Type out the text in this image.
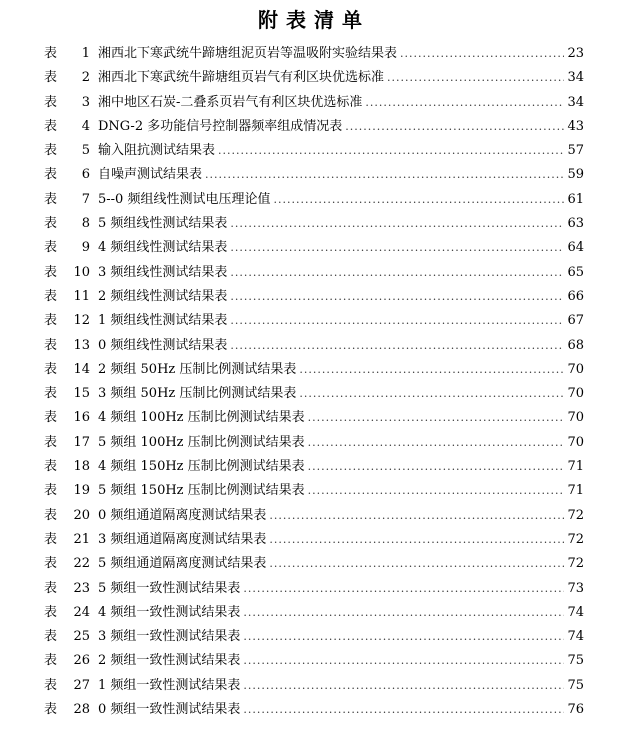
附表清单
表	1 湘西北下寒武统牛蹄塘组泥页岩等温吸附实验结果表 .....	23
表	2 湘西北下寒武统牛蹄塘组页岩气有利区块优选标准 .....	34
表	3 湘中地区石炭-二叠系页岩气有利区块优选标准 .....	34
表	4 DNG-2 多功能信号控制器频率组成情况表 .....	43
表	5 输入阻抗测试结果表 .....	57
表	6 自噪声测试结果表 .....	59
表	7 5--0 频组线性测试电压理论值 .....	61
表	8 5 频组线性测试结果表 .....	63
表	9 4 频组线性测试结果表 .....	64
表	10 3 频组线性测试结果表 .....	65
表	11 2 频组线性测试结果表 .....	66
表	12 1 频组线性测试结果表 .....	67
表	13 0 频组线性测试结果表 .....	68
表	14 2 频组 50Hz 压制比例测试结果表 .....	70
表	15 3 频组 50Hz 压制比例测试结果表 .....	70
表	16 4 频组 100Hz 压制比例测试结果表 .....	70
表	17 5 频组 100Hz 压制比例测试结果表 .....	70
表	18 4 频组 150Hz 压制比例测试结果表 .....	71
表	19 5 频组 150Hz 压制比例测试结果表 .....	71
表	20 0 频组通道隔离度测试结果表 .....	72
表	21 3 频组通道隔离度测试结果表 .....	72
表	22 5 频组通道隔离度测试结果表 .....	72
表	23 5 频组一致性测试结果表 .....	73
表	24 4 频组一致性测试结果表 .....	74
表	25 3 频组一致性测试结果表 .....	74
表	26 2 频组一致性测试结果表 .....	75
表	27 1 频组一致性测试结果表 .....	75
表	28 0 频组一致性测试结果表 .....	76
